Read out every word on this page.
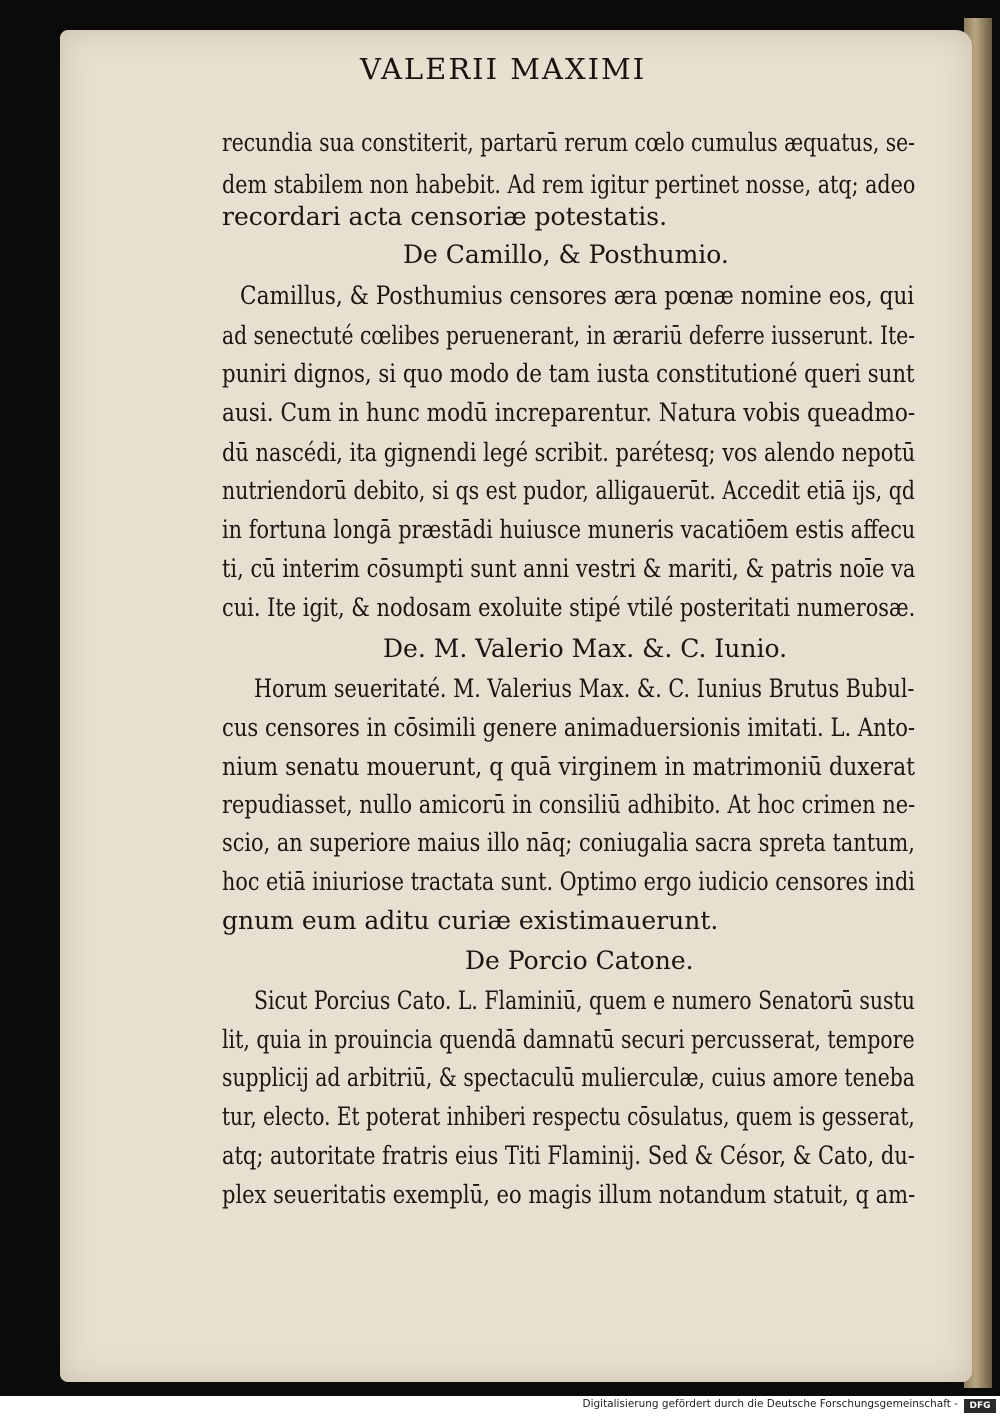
VALERII MAXIMI
recundia sua constiterit, partarū rerum cœlo cumulus æquatus, se-
dem stabilem non habebit. Ad rem igitur pertinet nosse, atq; adeo
recordari acta censoriæ potestatis.
De Camillo, & Posthumio.
Camillus, & Posthumius censores æra pœnæ nomine eos, qui
ad senectuté cœlibes peruenerant, in ærariū deferre iusserunt. Ite-
puniri dignos, si quo modo de tam iusta constitutioné queri sunt
ausi. Cum in hunc modū increparentur. Natura vobis queadmo-
dū nascédi, ita gignendi legé scribit. parétesq; vos alendo nepotū
nutriendorū debito, si qs est pudor, alligauerūt. Accedit etiā ijs, qd
in fortuna longā præstādi huiusce muneris vacatiōem estis affecu
ti, cū interim cōsumpti sunt anni vestri & mariti, & patris noīe va
cui. Ite igit, & nodosam exoluite stipé vtilé posteritati numerosæ.
De. M. Valerio Max. &. C. Iunio.
Horum seueritaté. M. Valerius Max. &. C. Iunius Brutus Bubul-
cus censores in cōsimili genere animaduersionis imitati. L. Anto-
nium senatu mouerunt, q quā virginem in matrimoniū duxerat
repudiasset, nullo amicorū in consiliū adhibito. At hoc crimen ne-
scio, an superiore maius illo nāq; coniugalia sacra spreta tantum,
hoc etiā iniuriose tractata sunt. Optimo ergo iudicio censores indi
gnum eum aditu curiæ existimauerunt.
De Porcio Catone.
Sicut Porcius Cato. L. Flaminiū, quem e numero Senatorū sustu
lit, quia in prouincia quendā damnatū securi percusserat, tempore
supplicij ad arbitriū, & spectaculū mulierculæ, cuius amore teneba
tur, electo. Et poterat inhiberi respectu cōsulatus, quem is gesserat,
atq; autoritate fratris eius Titi Flaminij. Sed & Césor, & Cato, du-
plex seueritatis exemplū, eo magis illum notandum statuit, q am-
Digitalisierung gefördert durch die Deutsche Forschungsgemeinschaft -	DFG
